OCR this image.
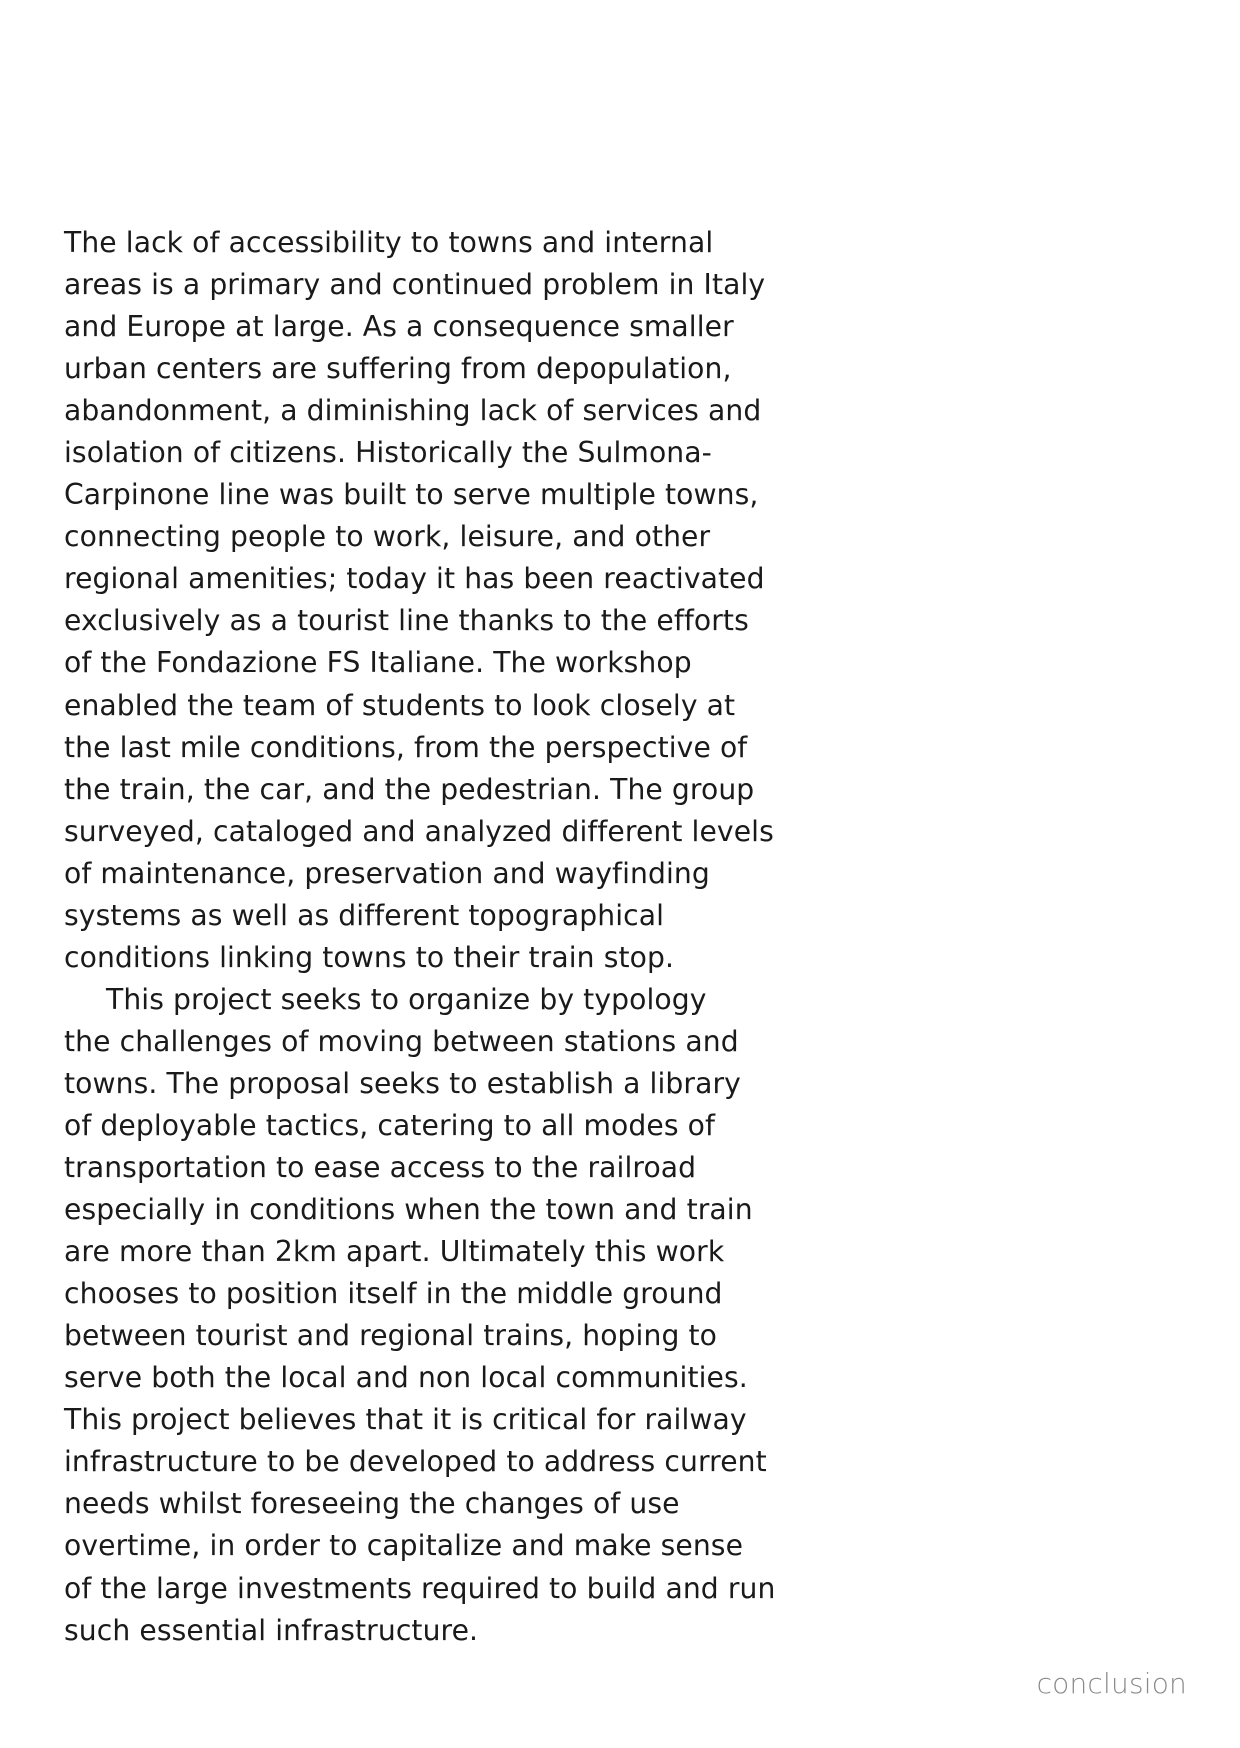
The lack of accessibility to towns and internal
areas is a primary and continued problem in Italy
and Europe at large. As a consequence smaller
urban centers are suffering from depopulation,
abandonment, a diminishing lack of services and
isolation of citizens. Historically the Sulmona-
Carpinone line was built to serve multiple towns,
connecting people to work, leisure, and other
regional amenities; today it has been reactivated
exclusively as a tourist line thanks to the efforts
of the Fondazione FS Italiane. The workshop
enabled the team of students to look closely at
the last mile conditions, from the perspective of
the train, the car, and the pedestrian. The group
surveyed, cataloged and analyzed different levels
of maintenance, preservation and wayfinding
systems as well as different topographical
conditions linking towns to their train stop.
This project seeks to organize by typology
the challenges of moving between stations and
towns. The proposal seeks to establish a library
of deployable tactics, catering to all modes of
transportation to ease access to the railroad
especially in conditions when the town and train
are more than 2km apart. Ultimately this work
chooses to position itself in the middle ground
between tourist and regional trains, hoping to
serve both the local and non local communities.
This project believes that it is critical for railway
infrastructure to be developed to address current
needs whilst foreseeing the changes of use
overtime, in order to capitalize and make sense
of the large investments required to build and run
such essential infrastructure.
conclusion
